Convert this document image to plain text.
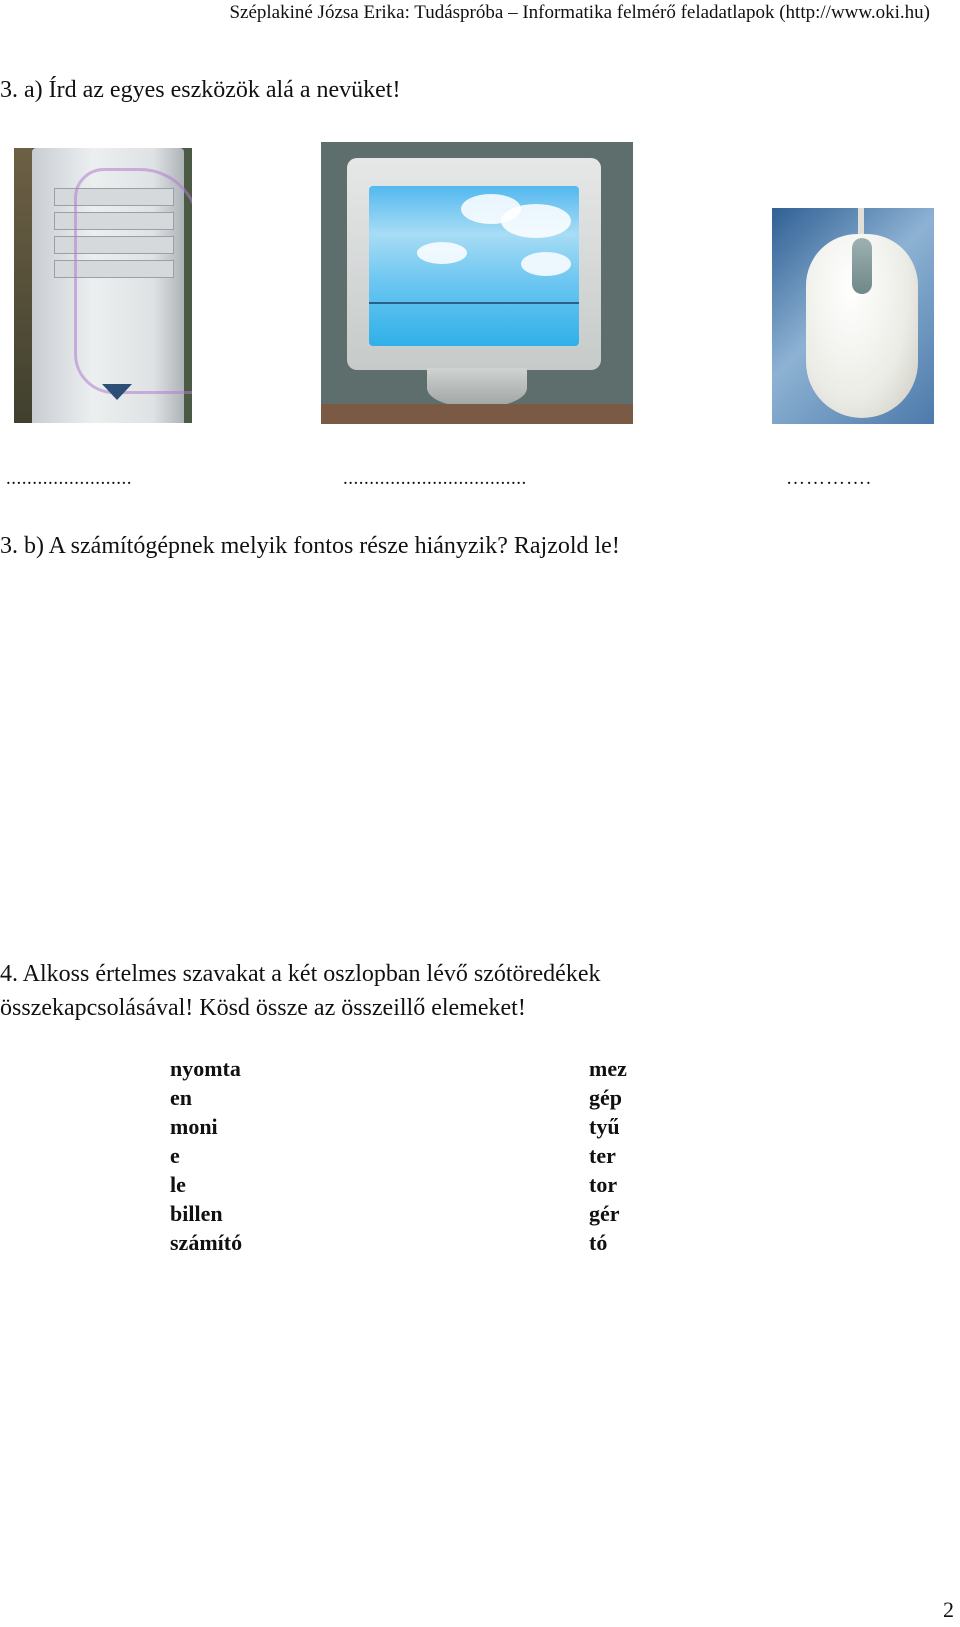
Széplakiné Józsa Erika: Tudáspróba – Informatika felmérő feladatlapok (http://www.oki.hu)
3. a) Írd az egyes eszközök alá a nevüket!
........................	...................................	………….
3. b) A számítógépnek melyik fontos része hiányzik? Rajzold le!
4. Alkoss értelmes szavakat a két oszlopban lévő szótöredékek
összekapcsolásával! Kösd össze az összeillő elemeket!
nyomta
en
moni
e
le
billen
számító
mez
gép
tyű
ter
tor
gér
tó
2
